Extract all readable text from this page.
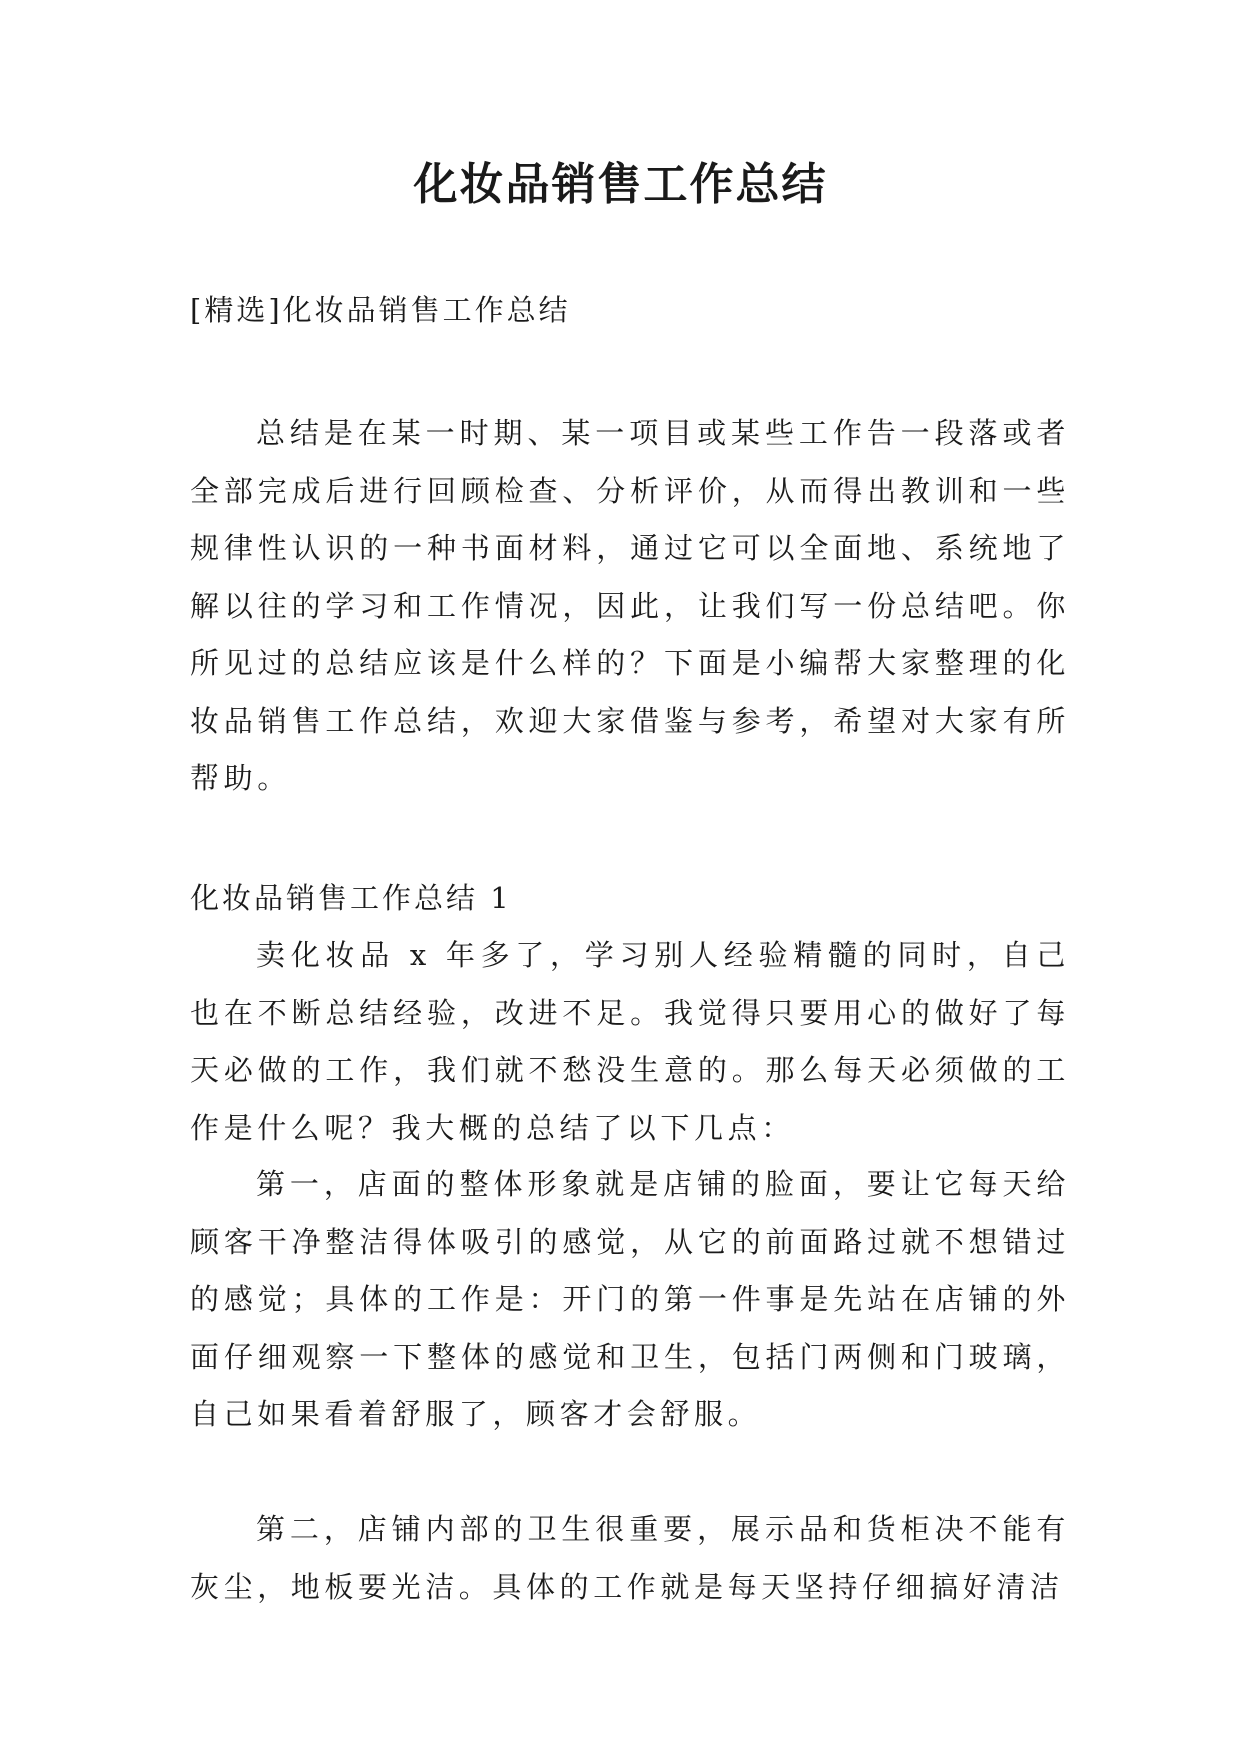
化妆品销售工作总结

[精选]化妆品销售工作总结

总结是在某一时期、某一项目或某些工作告一段落或者全部完成后进行回顾检查、分析评价，从而得出教训和一些规律性认识的一种书面材料，通过它可以全面地、系统地了解以往的学习和工作情况，因此，让我们写一份总结吧。你所见过的总结应该是什么样的？下面是小编帮大家整理的化妆品销售工作总结，欢迎大家借鉴与参考，希望对大家有所帮助。

化妆品销售工作总结 1

卖化妆品 x 年多了，学习别人经验精髓的同时，自己也在不断总结经验，改进不足。我觉得只要用心的做好了每天必做的工作，我们就不愁没生意的。那么每天必须做的工作是什么呢？我大概的总结了以下几点：

第一，店面的整体形象就是店铺的脸面，要让它每天给顾客干净整洁得体吸引的感觉，从它的前面路过就不想错过的感觉；具体的工作是：开门的第一件事是先站在店铺的外面仔细观察一下整体的感觉和卫生，包括门两侧和门玻璃，自己如果看着舒服了，顾客才会舒服。

第二，店铺内部的卫生很重要，展示品和货柜决不能有灰尘，地板要光洁。具体的工作就是每天坚持仔细搞好清洁
